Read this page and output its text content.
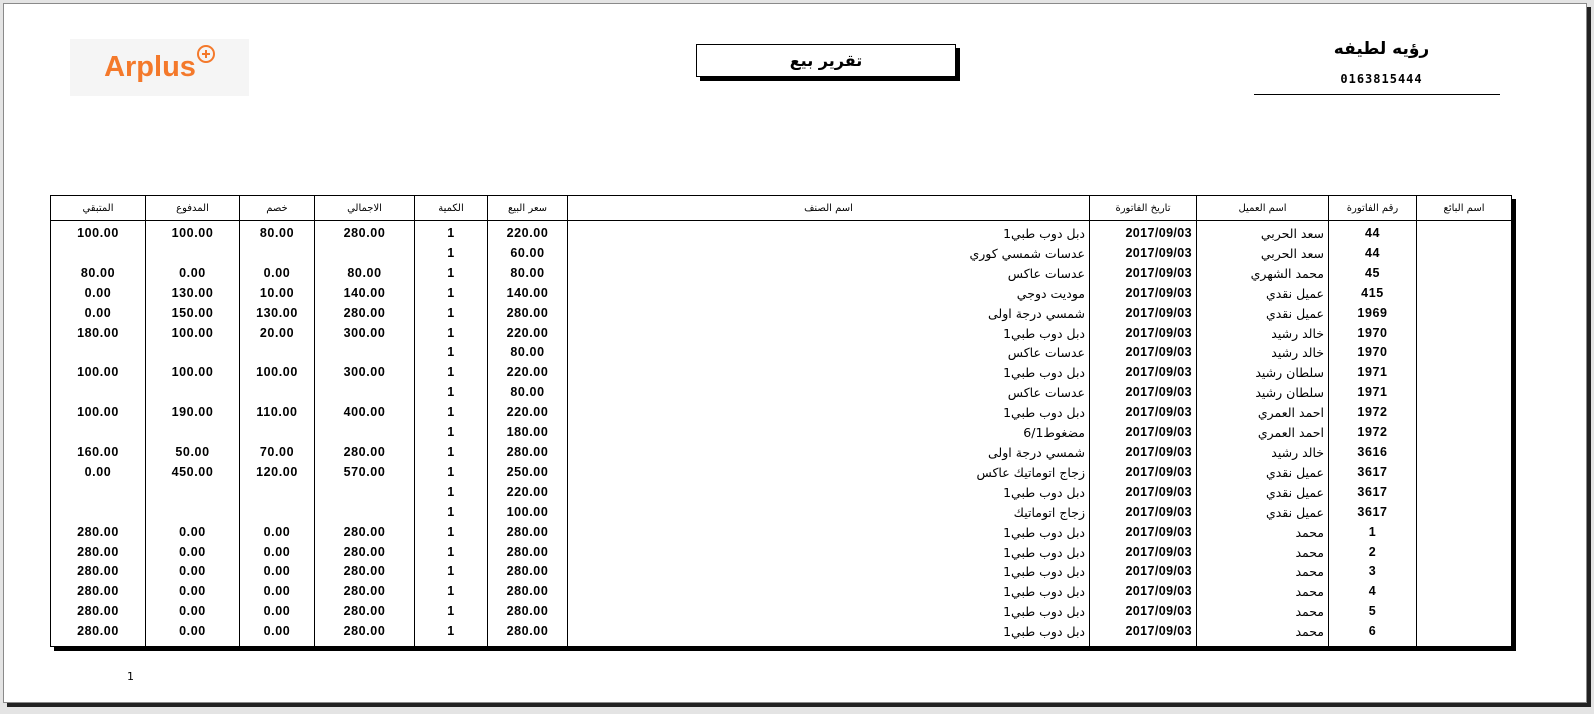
Arplus	تقرير بيع
رؤيه لطيفه
0163815444
المتبقي	المدفوع	خصم	الاجمالي	الكمية	سعر البيع	اسم الصنف	تاريخ الفاتورة	اسم العميل	رقم الفاتورة	اسم البائع
100.00	100.00	80.00	280.00	1	220.00	دبل دوب طبي1	2017/09/03	سعد الحربي	44	
				1	60.00	عدسات شمسي كوري	2017/09/03	سعد الحربي	44	
80.00	0.00	0.00	80.00	1	80.00	عدسات عاكس	2017/09/03	محمد الشهري	45	
0.00	130.00	10.00	140.00	1	140.00	موديت دوجي	2017/09/03	عميل نقدي	415	
0.00	150.00	130.00	280.00	1	280.00	شمسي درجة اولى	2017/09/03	عميل نقدي	1969	
180.00	100.00	20.00	300.00	1	220.00	دبل دوب طبي1	2017/09/03	خالد رشيد	1970	
				1	80.00	عدسات عاكس	2017/09/03	خالد رشيد	1970	
100.00	100.00	100.00	300.00	1	220.00	دبل دوب طبي1	2017/09/03	سلطان رشيد	1971	
				1	80.00	عدسات عاكس	2017/09/03	سلطان رشيد	1971	
100.00	190.00	110.00	400.00	1	220.00	دبل دوب طبي1	2017/09/03	احمد العمري	1972	
				1	180.00	مضغوط6/1	2017/09/03	احمد العمري	1972	
160.00	50.00	70.00	280.00	1	280.00	شمسي درجة اولى	2017/09/03	خالد رشيد	3616	
0.00	450.00	120.00	570.00	1	250.00	زجاج اتوماتيك عاكس	2017/09/03	عميل نقدي	3617	
				1	220.00	دبل دوب طبي1	2017/09/03	عميل نقدي	3617	
				1	100.00	زجاج اتوماتيك	2017/09/03	عميل نقدي	3617	
280.00	0.00	0.00	280.00	1	280.00	دبل دوب طبي1	2017/09/03	محمد	1	
280.00	0.00	0.00	280.00	1	280.00	دبل دوب طبي1	2017/09/03	محمد	2	
280.00	0.00	0.00	280.00	1	280.00	دبل دوب طبي1	2017/09/03	محمد	3	
280.00	0.00	0.00	280.00	1	280.00	دبل دوب طبي1	2017/09/03	محمد	4	
280.00	0.00	0.00	280.00	1	280.00	دبل دوب طبي1	2017/09/03	محمد	5	
280.00	0.00	0.00	280.00	1	280.00	دبل دوب طبي1	2017/09/03	محمد	6	
1
